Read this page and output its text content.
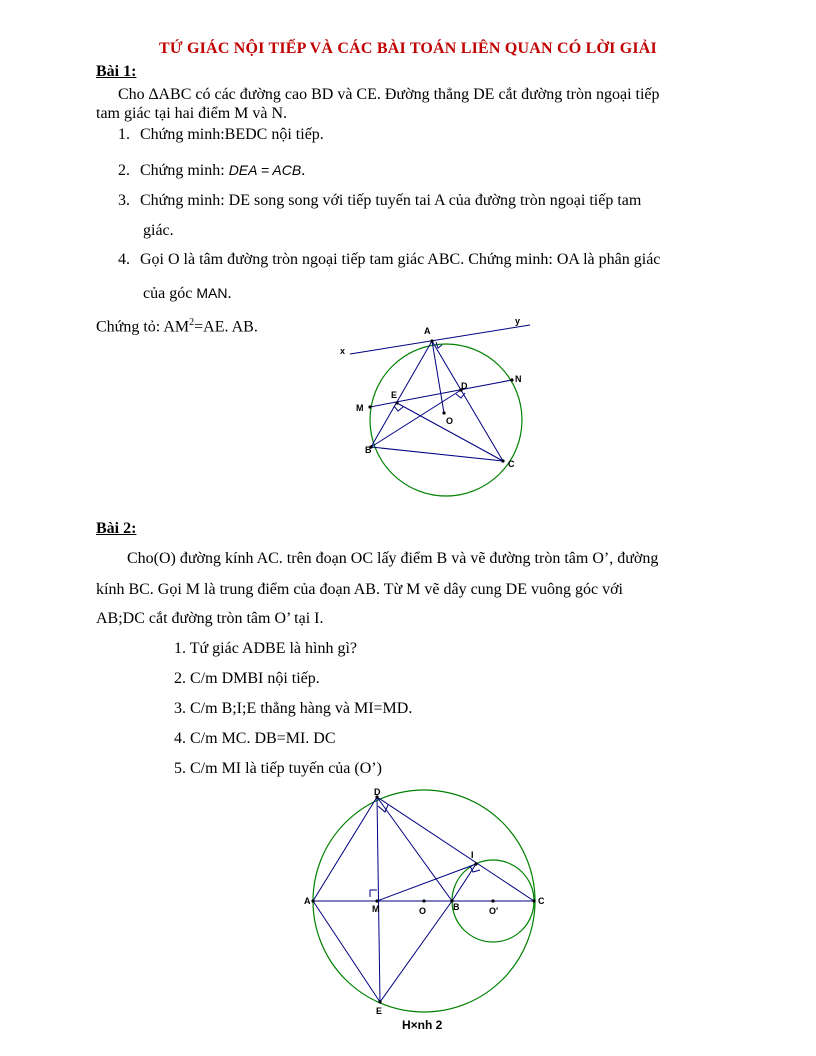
TỨ GIÁC NỘI TIẾP VÀ CÁC BÀI TOÁN LIÊN QUAN CÓ LỜI GIẢI
Bài 1:
Cho ∆ABC có các đường cao BD và CE. Đường thẳng DE cắt đường tròn ngoại tiếp
tam giác tại hai điểm M và N.
1. Chứng minh:BEDC nội tiếp.
2. Chứng minh: DEA = ACB.
3. Chứng minh: DE song song với tiếp tuyến tai A của đường tròn ngoại tiếp tam
giác.
4. Gọi O là tâm đường tròn ngoại tiếp tam giác ABC. Chứng minh: OA là phân giác
của góc MAN.
Chứng tỏ: $AM^2=AE$. AB.	A
B
C
D
E
M
N
O
x
y
Bài 2:
Cho(O) đường kính AC. trên đoạn OC lấy điểm B và vẽ đường tròn tâm O’, đường
kính BC. Gọi M là trung điểm của đoạn AB. Từ M vẽ dây cung DE vuông góc với
AB;DC cắt đường tròn tâm O’ tại I.
1. Tứ giác ADBE là hình gì?
2. C/m DMBI nội tiếp.
3. C/m B;I;E thẳng hàng và MI=MD.
4. C/m MC. DB=MI. DC
5. C/m MI là tiếp tuyến của (O’)
A	C
D
E
M	O	B	O'
I
H×nh 2
